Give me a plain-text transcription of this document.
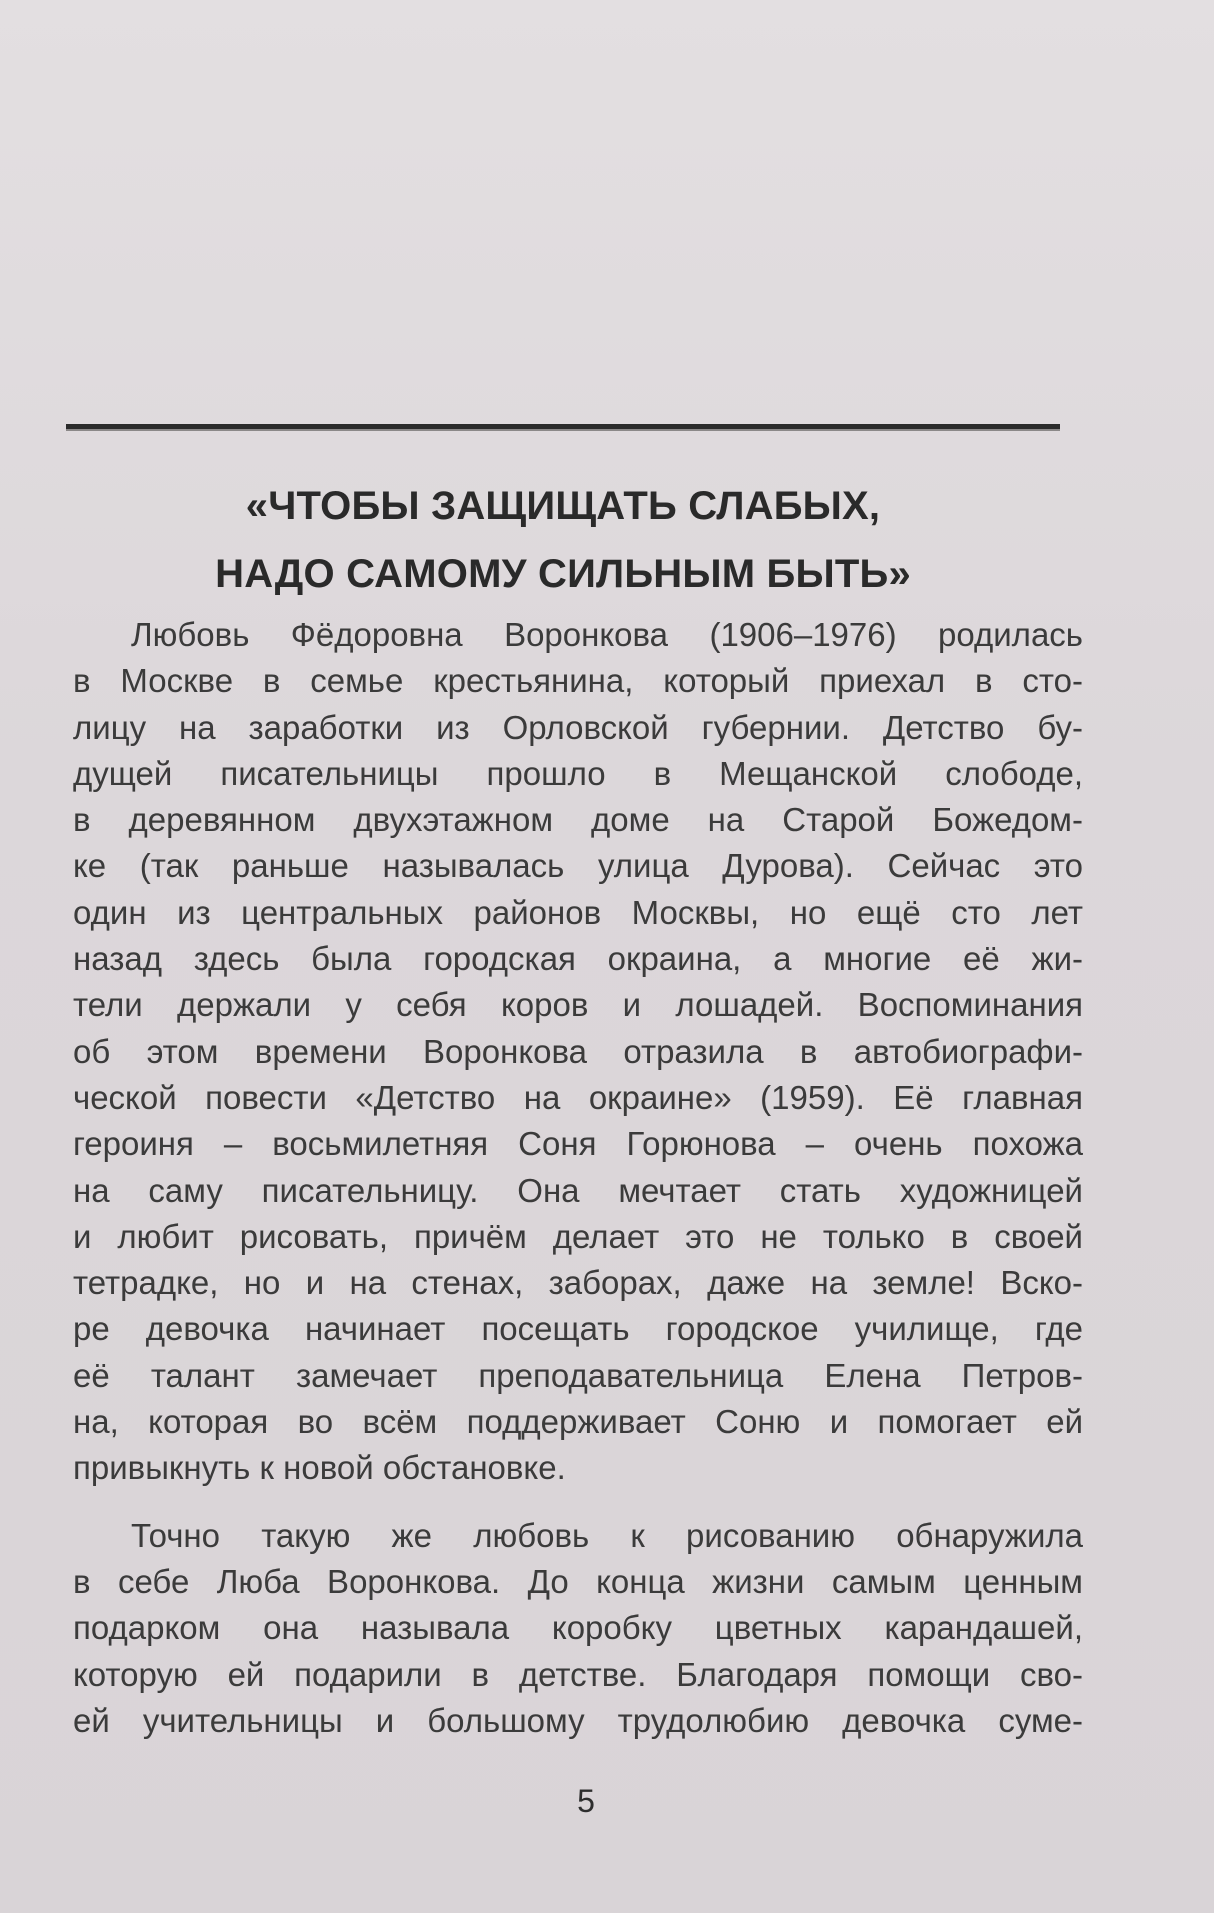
«ЧТОБЫ ЗАЩИЩАТЬ СЛАБЫХ,
НАДО САМОМУ СИЛЬНЫМ БЫТЬ»
Любовь Фёдоровна Воронкова (1906–1976) родилась
в Москве в семье крестьянина, который приехал в сто-
лицу на заработки из Орловской губернии. Детство бу-
дущей писательницы прошло в Мещанской слободе,
в деревянном двухэтажном доме на Старой Божедом-
ке (так раньше называлась улица Дурова). Сейчас это
один из центральных районов Москвы, но ещё сто лет
назад здесь была городская окраина, а многие её жи-
тели держали у себя коров и лошадей. Воспоминания
об этом времени Воронкова отразила в автобиографи-
ческой повести «Детство на окраине» (1959). Её главная
героиня – восьмилетняя Соня Горюнова – очень похожа
на саму писательницу. Она мечтает стать художницей
и любит рисовать, причём делает это не только в своей
тетрадке, но и на стенах, заборах, даже на земле! Вско-
ре девочка начинает посещать городское училище, где
её талант замечает преподавательница Елена Петров-
на, которая во всём поддерживает Соню и помогает ей
привыкнуть к новой обстановке.
Точно такую же любовь к рисованию обнаружила
в себе Люба Воронкова. До конца жизни самым ценным
подарком она называла коробку цветных карандашей,
которую ей подарили в детстве. Благодаря помощи сво-
ей учительницы и большому трудолюбию девочка суме-
5
